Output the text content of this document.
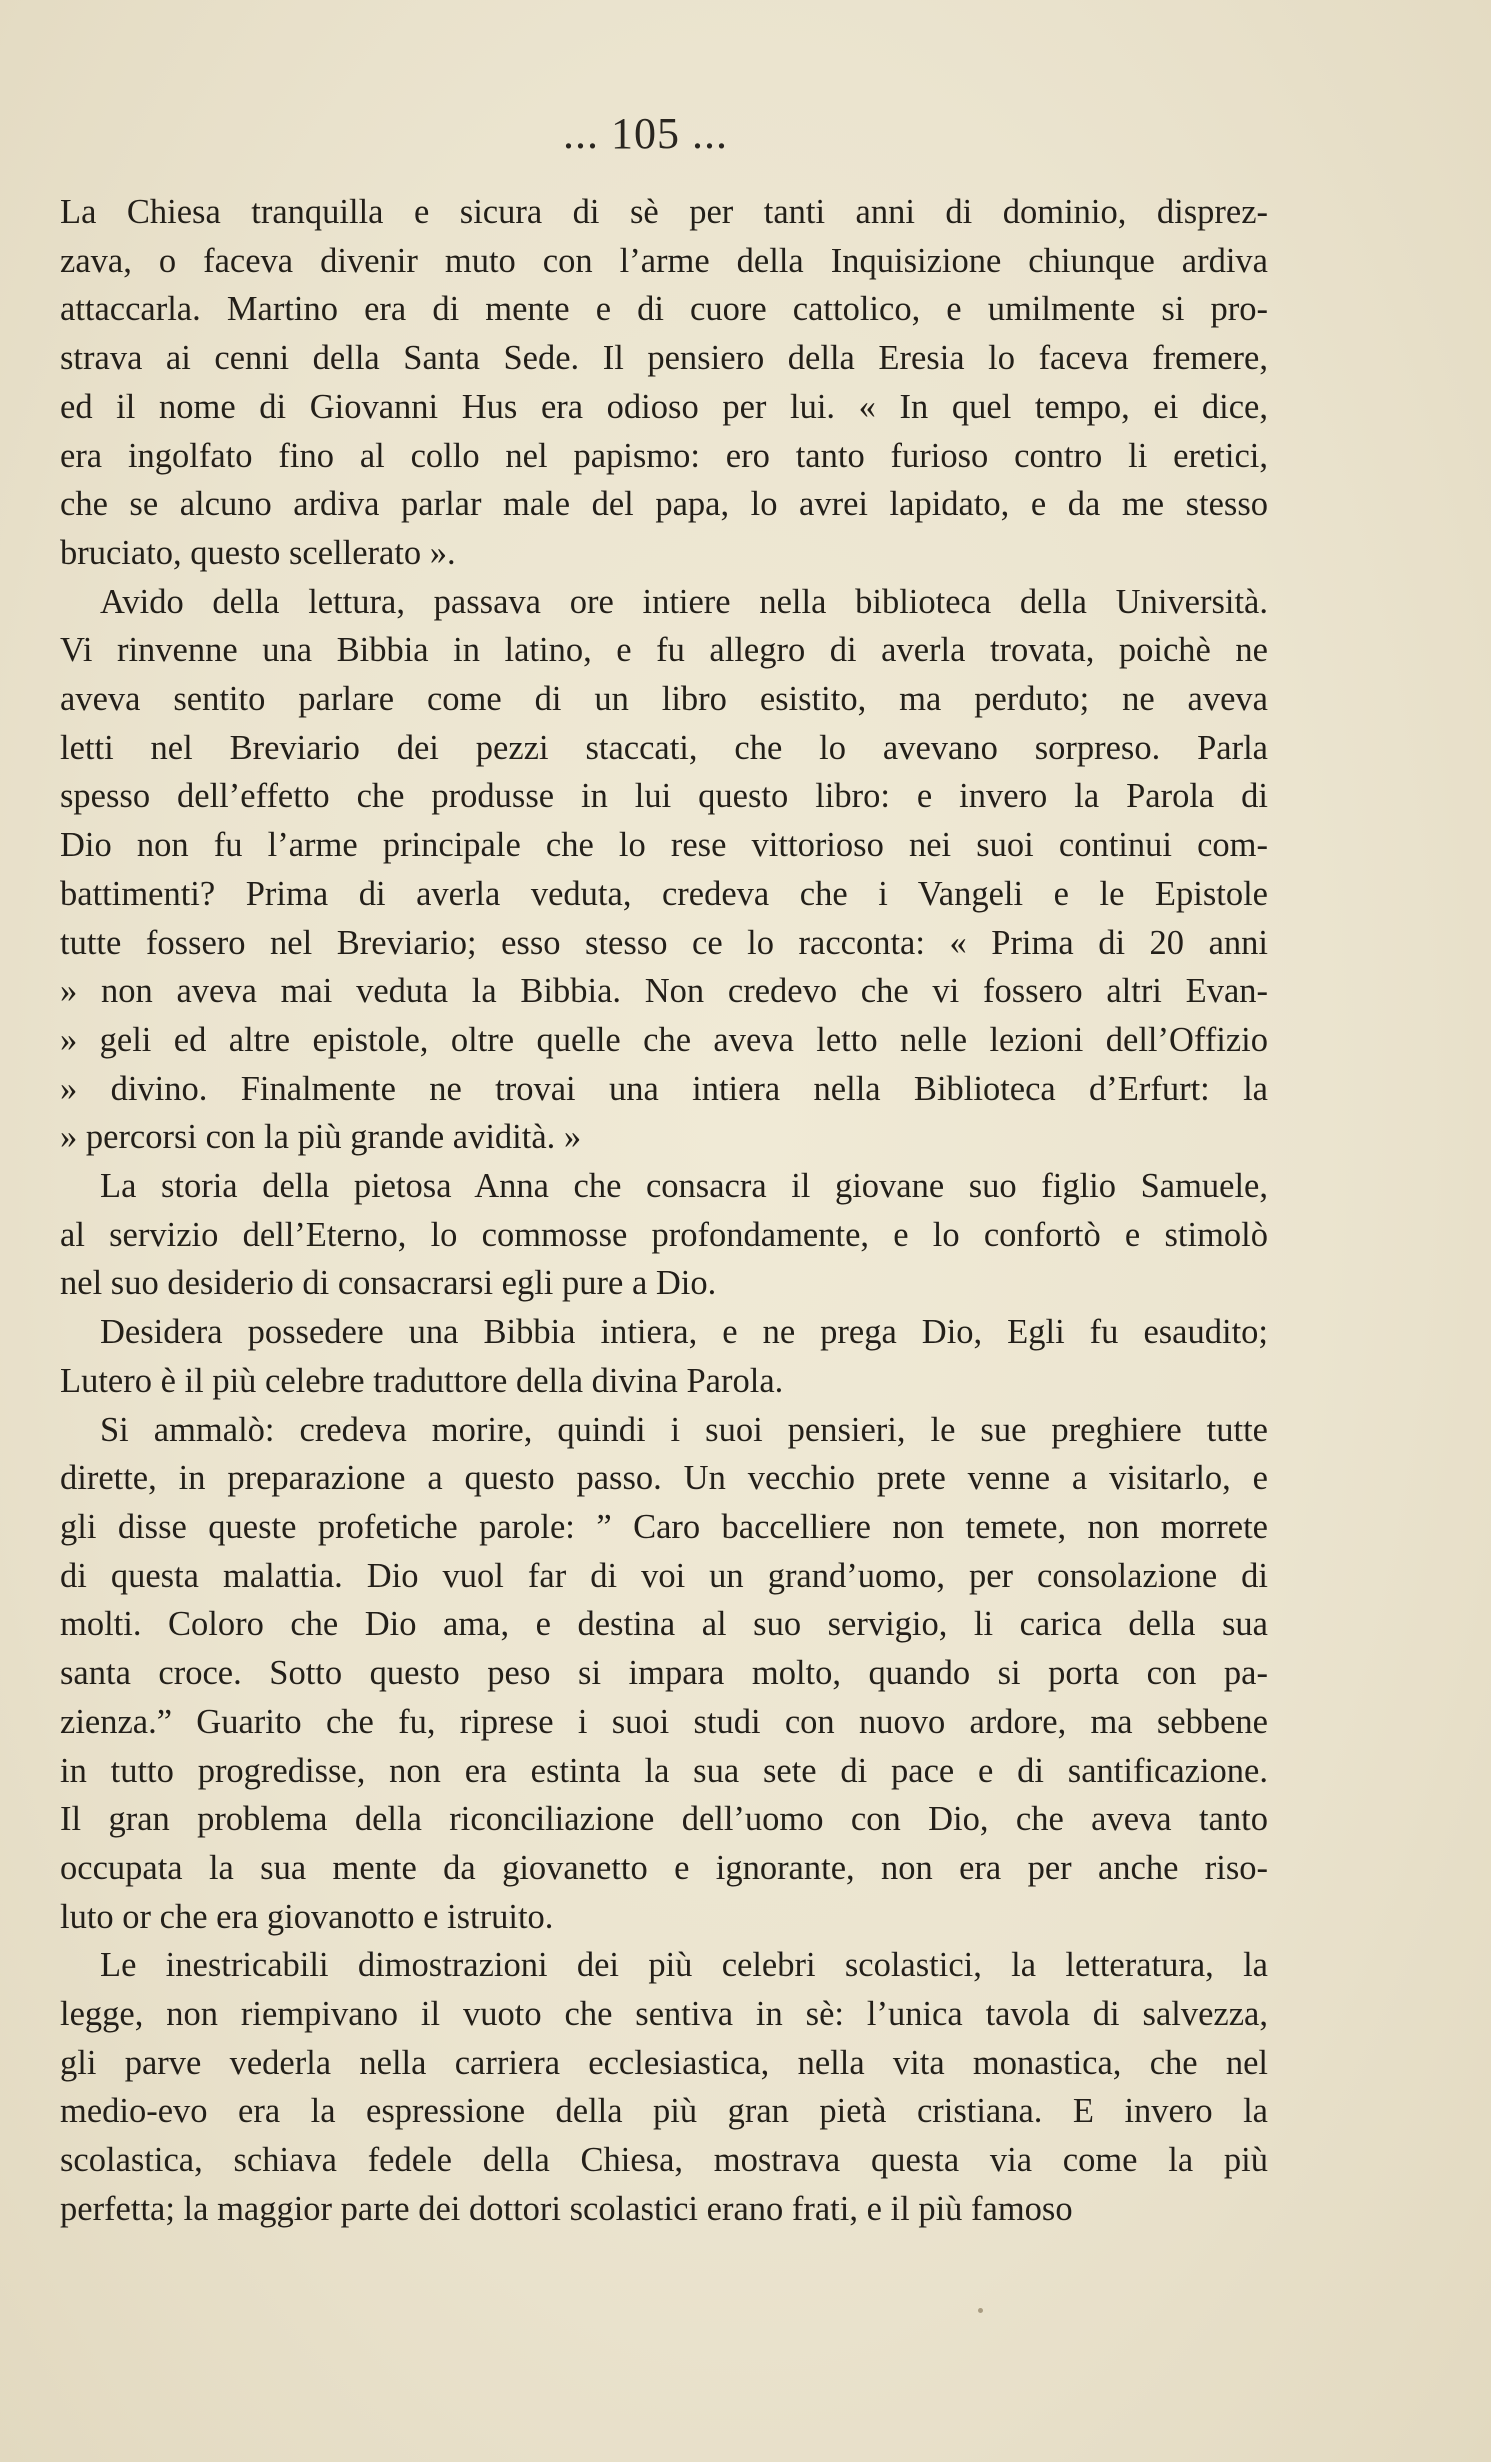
... 105 ...

La Chiesa tranquilla e sicura di sè per tanti anni di dominio, disprez-

zava, o faceva divenir muto con l’arme della Inquisizione chiunque ardiva

attaccarla. Martino era di mente e di cuore cattolico, e umilmente si pro-

strava ai cenni della Santa Sede. Il pensiero della Eresia lo faceva fremere,

ed il nome di Giovanni Hus era odioso per lui. « In quel tempo, ei dice,

era ingolfato fino al collo nel papismo: ero tanto furioso contro li eretici,

che se alcuno ardiva parlar male del papa, lo avrei lapidato, e da me stesso

bruciato, questo scellerato ».

Avido della lettura, passava ore intiere nella biblioteca della Università.

Vi rinvenne una Bibbia in latino, e fu allegro di averla trovata, poichè ne

aveva sentito parlare come di un libro esistito, ma perduto; ne aveva

letti nel Breviario dei pezzi staccati, che lo avevano sorpreso. Parla

spesso dell’effetto che produsse in lui questo libro: e invero la Parola di

Dio non fu l’arme principale che lo rese vittorioso nei suoi continui com-

battimenti? Prima di averla veduta, credeva che i Vangeli e le Epistole

tutte fossero nel Breviario; esso stesso ce lo racconta: « Prima di 20 anni

» non aveva mai veduta la Bibbia. Non credevo che vi fossero altri Evan-

» geli ed altre epistole, oltre quelle che aveva letto nelle lezioni dell’Offizio

» divino. Finalmente ne trovai una intiera nella Biblioteca d’Erfurt: la

» percorsi con la più grande avidità. »

La storia della pietosa Anna che consacra il giovane suo figlio Samuele,

al servizio dell’Eterno, lo commosse profondamente, e lo confortò e stimolò

nel suo desiderio di consacrarsi egli pure a Dio.

Desidera possedere una Bibbia intiera, e ne prega Dio, Egli fu esaudito;

Lutero è il più celebre traduttore della divina Parola.

Si ammalò: credeva morire, quindi i suoi pensieri, le sue preghiere tutte

dirette, in preparazione a questo passo. Un vecchio prete venne a visitarlo, e

gli disse queste profetiche parole: ” Caro baccelliere non temete, non morrete

di questa malattia. Dio vuol far di voi un grand’uomo, per consolazione di

molti. Coloro che Dio ama, e destina al suo servigio, li carica della sua

santa croce. Sotto questo peso si impara molto, quando si porta con pa-

zienza.” Guarito che fu, riprese i suoi studi con nuovo ardore, ma sebbene

in tutto progredisse, non era estinta la sua sete di pace e di santificazione.

Il gran problema della riconciliazione dell’uomo con Dio, che aveva tanto

occupata la sua mente da giovanetto e ignorante, non era per anche riso-

luto or che era giovanotto e istruito.

Le inestricabili dimostrazioni dei più celebri scolastici, la letteratura, la

legge, non riempivano il vuoto che sentiva in sè: l’unica tavola di salvezza,

gli parve vederla nella carriera ecclesiastica, nella vita monastica, che nel

medio-evo era la espressione della più gran pietà cristiana. E invero la

scolastica, schiava fedele della Chiesa, mostrava questa via come la più

perfetta; la maggior parte dei dottori scolastici erano frati, e il più famoso
